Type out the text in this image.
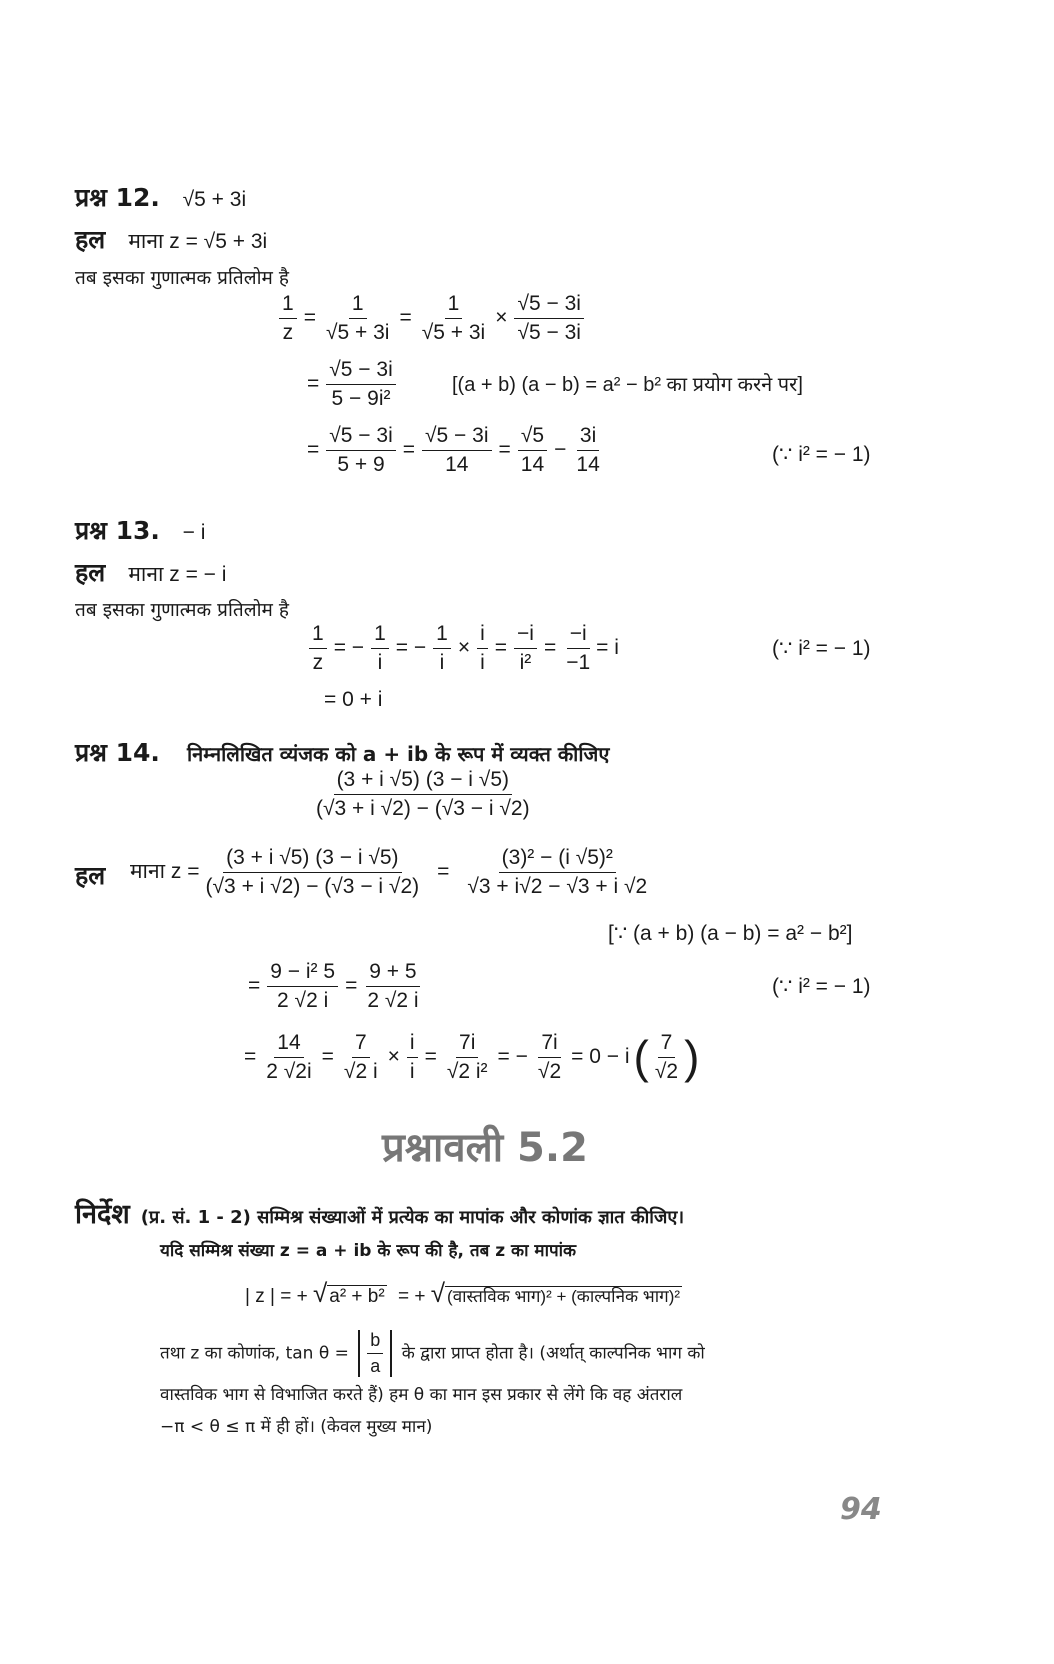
प्रश्न 12. √5 + 3i
हल माना z = √5 + 3i
तब इसका गुणात्मक प्रतिलोम है
$\frac{1}{z} = \frac{1}{√5 + 3i} = \frac{1}{√5 + 3i} \times \frac{√5 - 3i}{√5 - 3i}$
= $\frac{√5 - 3i}{\text{5 − 9i²}}$	[(a + b) (a − b) = a² − b² का प्रयोग करने पर]
= $\frac{√5 - 3i}{5 + 9} = \frac{√5 - 3i}{14} = \frac{√5}{14} - \frac{3i}{14}$	(∵ i² = − 1)
प्रश्न 13. − i
हल माना z = − i
तब इसका गुणात्मक प्रतिलोम है
$\frac{1}{z}$ = − $\frac{1}{i}$ = − $\frac{1}{i} \times \frac{i}{i} = \frac{-i}{\text{i²}} = \frac{-i}{-1} = i$	(∵ i² = − 1)
= 0 + i
प्रश्न 14. निम्नलिखित व्यंजक को a + ib के रूप में व्यक्त कीजिए
$\frac{(3 + i √5) (3 - i √5)}{(√3 + i √2) - (√3 - i √2)}$
हल माना $z = \frac{(3 + i √5) (3 - i √5)}{(√3 + i √2) - (√3 - i √2)} = \frac{\text{(3)² − (i √5)²}}{√3 + i√2 - √3 + i √2}$
[∵ (a + b) (a − b) = a² − b²]
= $\frac{\text{9 − i² 5}}{2 √2 i} = \frac{9 + 5}{2 √2 i}$	(∵ i² = − 1)
= $\frac{14}{2 √2i} = \frac{7}{√2 i} \times \frac{i}{i} = \frac{7i}{\text{√2 i²}}$ = − $\frac{7i}{√2} = 0 - i( \frac{7}{√2}$ )
प्रश्नावली 5.2
निर्देश (प्र. सं. 1 - 2) सम्मिश्र संख्याओं में प्रत्येक का मापांक और कोणांक ज्ञात कीजिए।
यदि सम्मिश्र संख्या z = a + ib के रूप की है, तब z का मापांक
| z | = + √ a² + b² = + √ (वास्तविक भाग)² + (काल्पनिक भाग)²
तथा z का कोणांक, $\tan \theta = \frac{b}{a}$ के द्वारा प्राप्त होता है। (अर्थात् काल्पनिक भाग को
वास्तविक भाग से विभाजित करते हैं) हम θ का मान इस प्रकार से लेंगे कि वह अंतराल
−π < θ ≤ π में ही हों। (केवल मुख्य मान)
94
